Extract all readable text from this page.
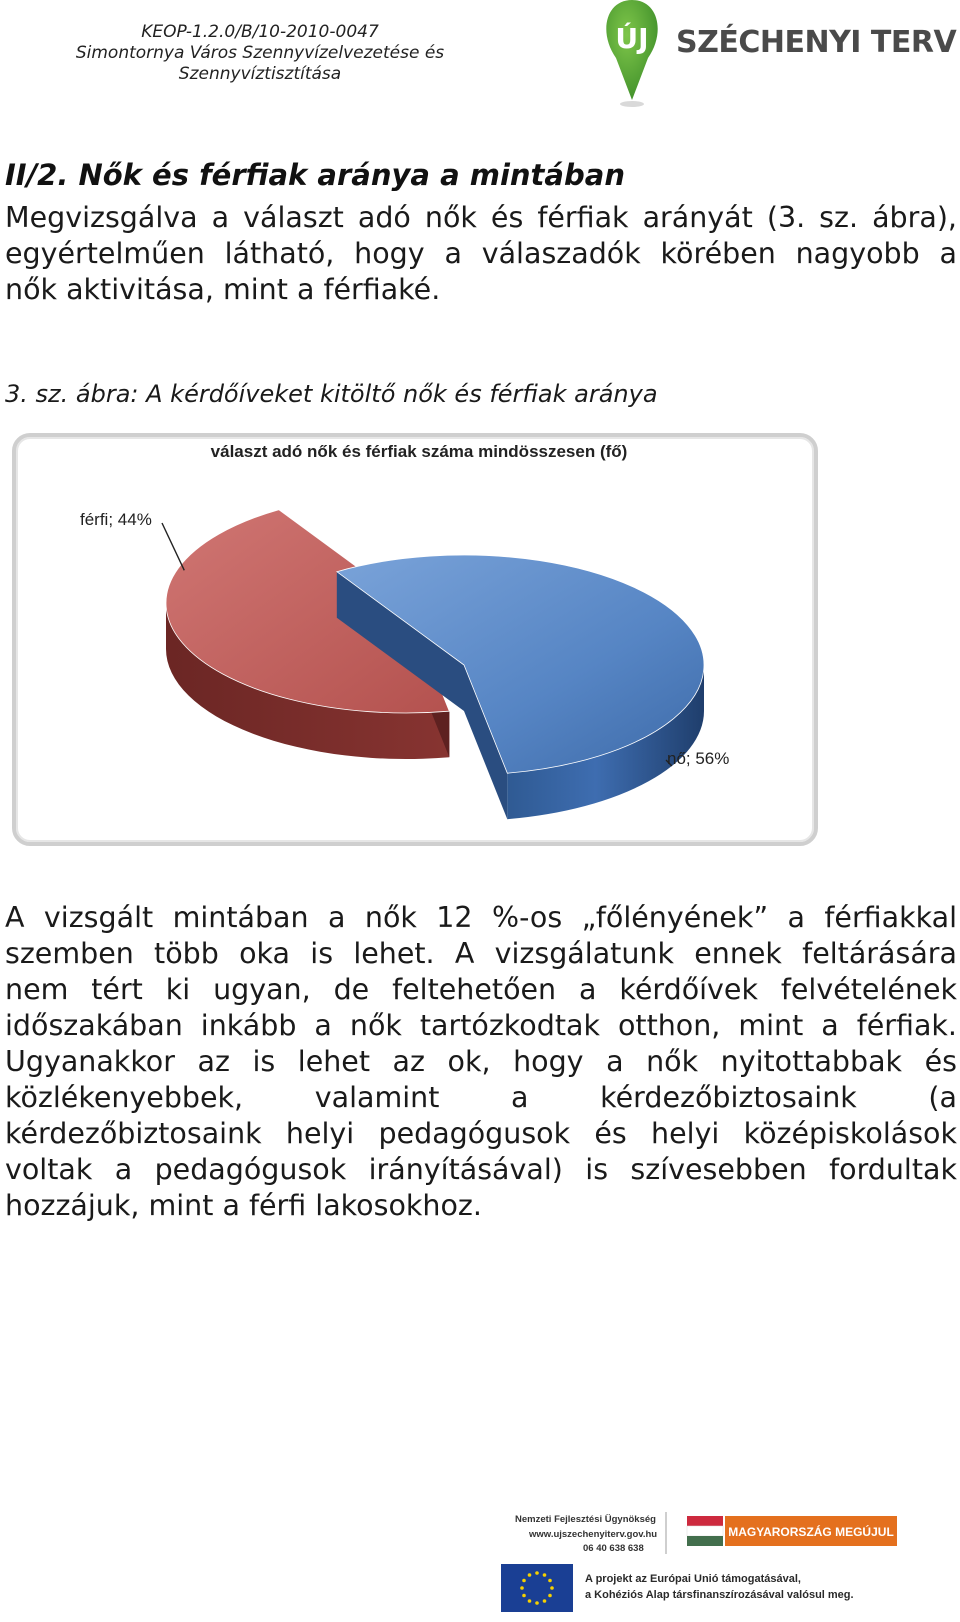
KEOP-1.2.0/B/10-2010-0047
Simontornya Város Szennyvízelvezetése és
Szennyvíztisztítása
ÚJ SZÉCHENYI TERV
II/2. Nők és férfiak aránya a mintában
Megvizsgálva a választ adó nők és férfiak arányát (3. sz. ábra),
egyértelműen látható, hogy a válaszadók körében nagyobb a
nők aktivitása, mint a férfiaké.
3. sz. ábra: A kérdőíveket kitöltő nők és férfiak aránya
választ adó nők és férfiak száma mindösszesen (fő)
férfi; 44%
nő; 56%
A vizsgált mintában a nők 12 %-os „főlényének” a férfiakkal
szemben több oka is lehet. A vizsgálatunk ennek feltárására
nem tért ki ugyan, de feltehetően a kérdőívek felvételének
időszakában inkább a nők tartózkodtak otthon, mint a férfiak.
Ugyanakkor az is lehet az ok, hogy a nők nyitottabbak és
közlékenyebbek, valamint a kérdezőbiztosaink (a
kérdezőbiztosaink helyi pedagógusok és helyi középiskolások
voltak a pedagógusok irányításával) is szívesebben fordultak
hozzájuk, mint a férfi lakosokhoz.
Nemzeti Fejlesztési Ügynökség
www.ujszechenyiterv.gov.hu
06 40 638 638
MAGYARORSZÁG MEGÚJUL
A projekt az Európai Unió támogatásával,
a Kohéziós Alap társfinanszírozásával valósul meg.
